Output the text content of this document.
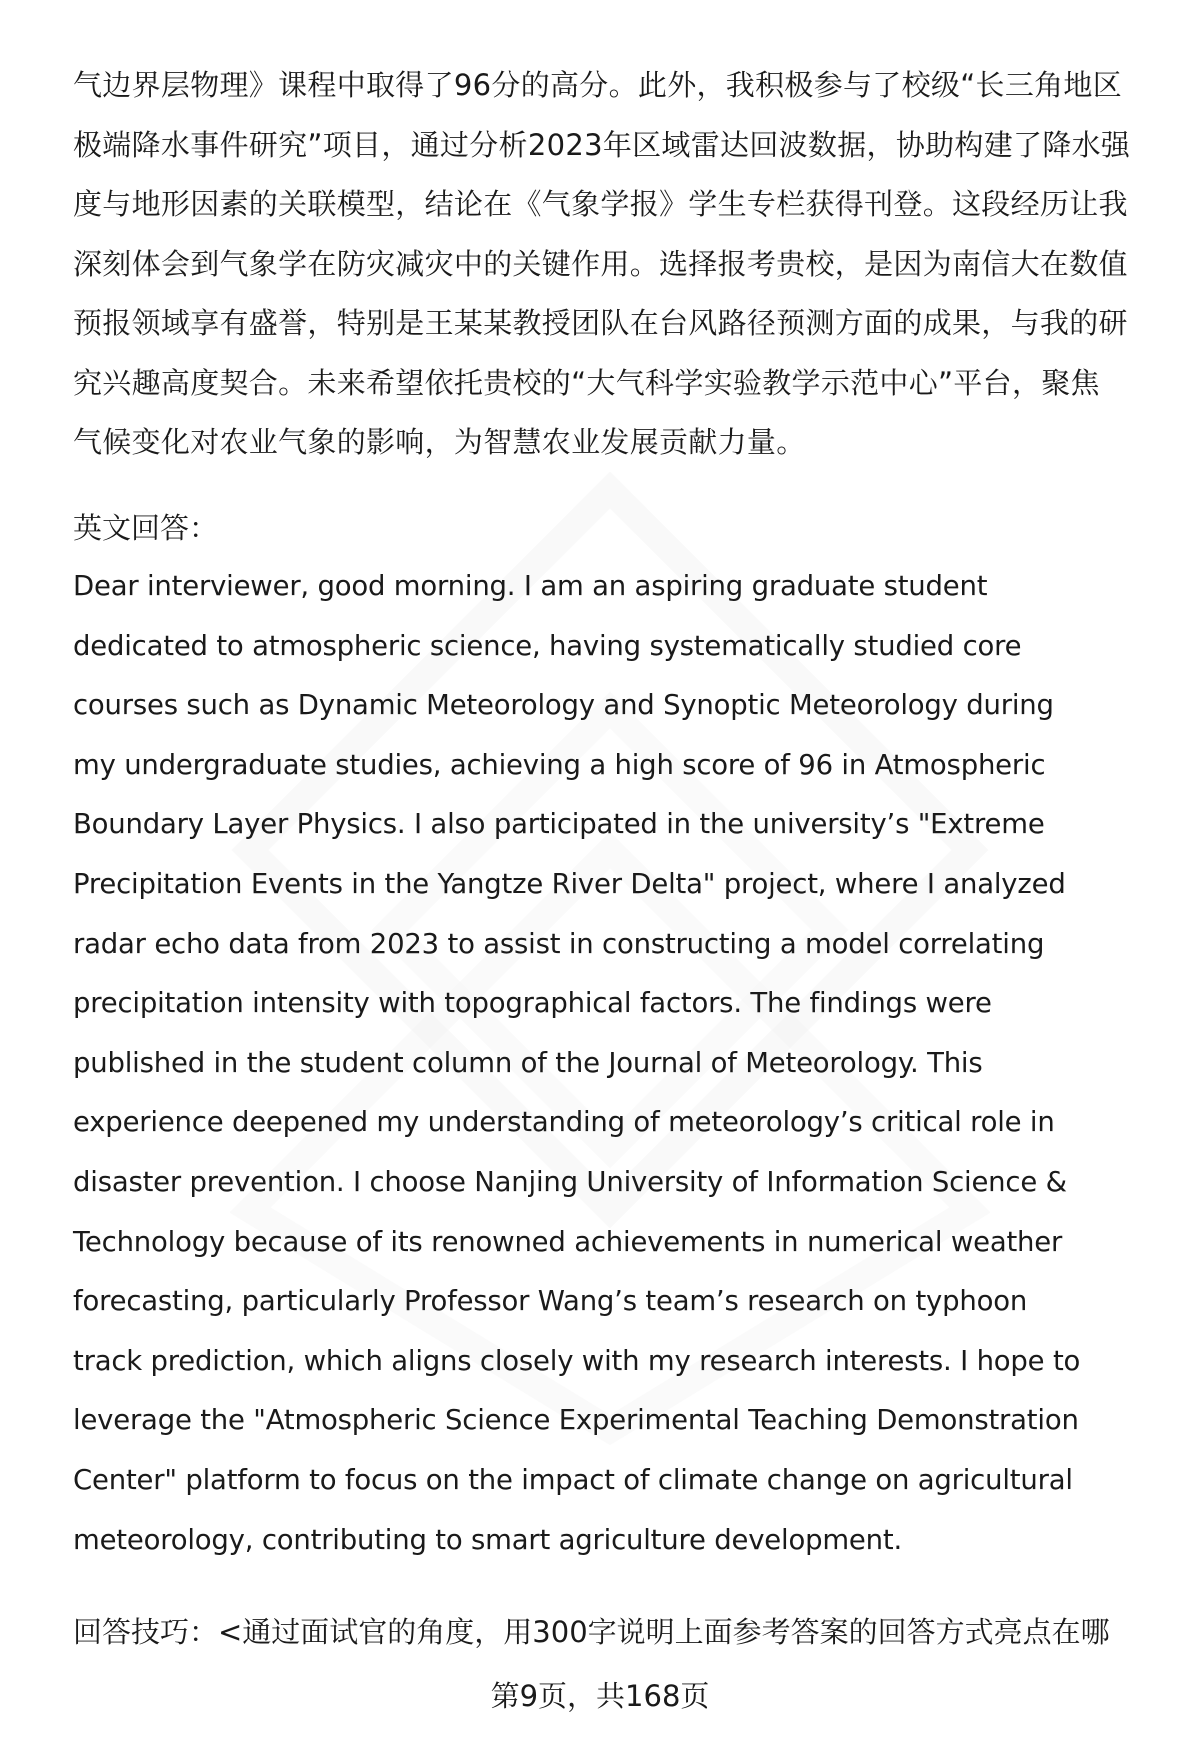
气边界层物理》课程中取得了96分的高分。此外，我积极参与了校级“长三角地区
极端降水事件研究”项目，通过分析2023年区域雷达回波数据，协助构建了降水强
度与地形因素的关联模型，结论在《气象学报》学生专栏获得刊登。这段经历让我
深刻体会到气象学在防灾减灾中的关键作用。选择报考贵校，是因为南信大在数值
预报领域享有盛誉，特别是王某某教授团队在台风路径预测方面的成果，与我的研
究兴趣高度契合。未来希望依托贵校的“大气科学实验教学示范中心”平台，聚焦
气候变化对农业气象的影响，为智慧农业发展贡献力量。
英文回答：
Dear interviewer, good morning. I am an aspiring graduate student
dedicated to atmospheric science, having systematically studied core
courses such as Dynamic Meteorology and Synoptic Meteorology during
my undergraduate studies, achieving a high score of 96 in Atmospheric
Boundary Layer Physics. I also participated in the university’s "Extreme
Precipitation Events in the Yangtze River Delta" project, where I analyzed
radar echo data from 2023 to assist in constructing a model correlating
precipitation intensity with topographical factors. The findings were
published in the student column of the Journal of Meteorology. This
experience deepened my understanding of meteorology’s critical role in
disaster prevention. I choose Nanjing University of Information Science &
Technology because of its renowned achievements in numerical weather
forecasting, particularly Professor Wang’s team’s research on typhoon
track prediction, which aligns closely with my research interests. I hope to
leverage the "Atmospheric Science Experimental Teaching Demonstration
Center" platform to focus on the impact of climate change on agricultural
meteorology, contributing to smart agriculture development.
回答技巧：<通过面试官的角度，用300字说明上面参考答案的回答方式亮点在哪
第9页，共168页
